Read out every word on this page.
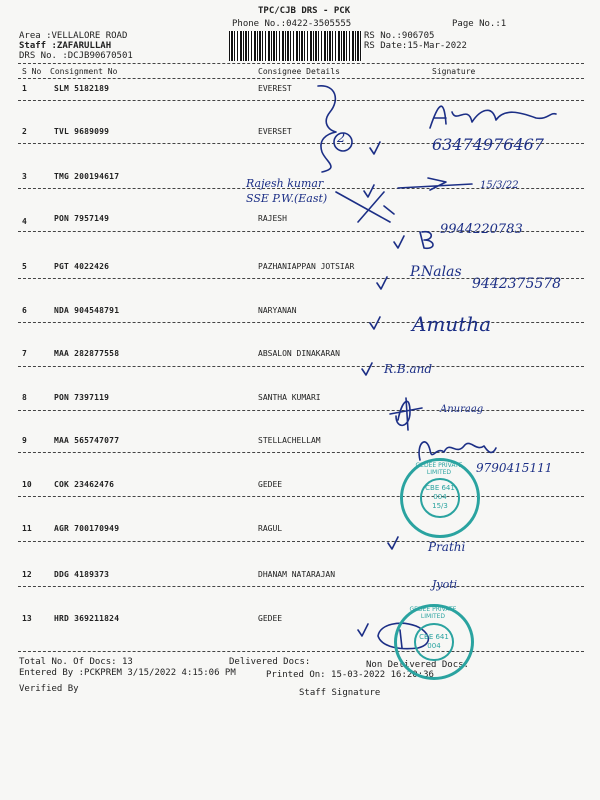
TPC/CJB DRS - PCK
Phone No.:0422-3505555	Page No.:1
Area :VELLALORE ROAD
Staff :ZAFARULLAH
DRS No. :DCJB90670501
RS No.:906705
RS Date:15-Mar-2022
S No Consignment No	Consignee Details	Signature
1	SLM 5182189	EVEREST
2	TVL 9689099	EVERSET
3	TMG 200194617
4	PON 7957149	RAJESH
5	PGT 4022426	PAZHANIAPPAN JOTSIAR
6	NDA 904548791	NARYANAN
7	MAA 282877558	ABSALON DINAKARAN
8	PON 7397119	SANTHA KUMARI
9	MAA 565747077	STELLACHELLAM
10	COK 23462476	GEDEE
11	AGR 700170949	RAGUL
12	DDG 4189373	DHANAM NATARAJAN
13	HRD 369211824	GEDEE
Total No. Of Docs: 13	Delivered Docs:	Non Delivered Docs:
Entered By :PCKPREM 3/15/2022 4:15:06 PM	Printed On: 15-03-2022 16:20:36
Verified By	Staff Signature
2	63474976467
Rajesh kumar
SSE P.W.(East)
15/3/22
9944220783
P.Nalas
9442375578
Amutha
R.B.and
Anuraag
9790415111
Prathi
Jyoti
CBE 641 004
15/3
GEDEE PRIVATE LIMITED
CBE 641 004
GEDEE PRIVATE LIMITED
